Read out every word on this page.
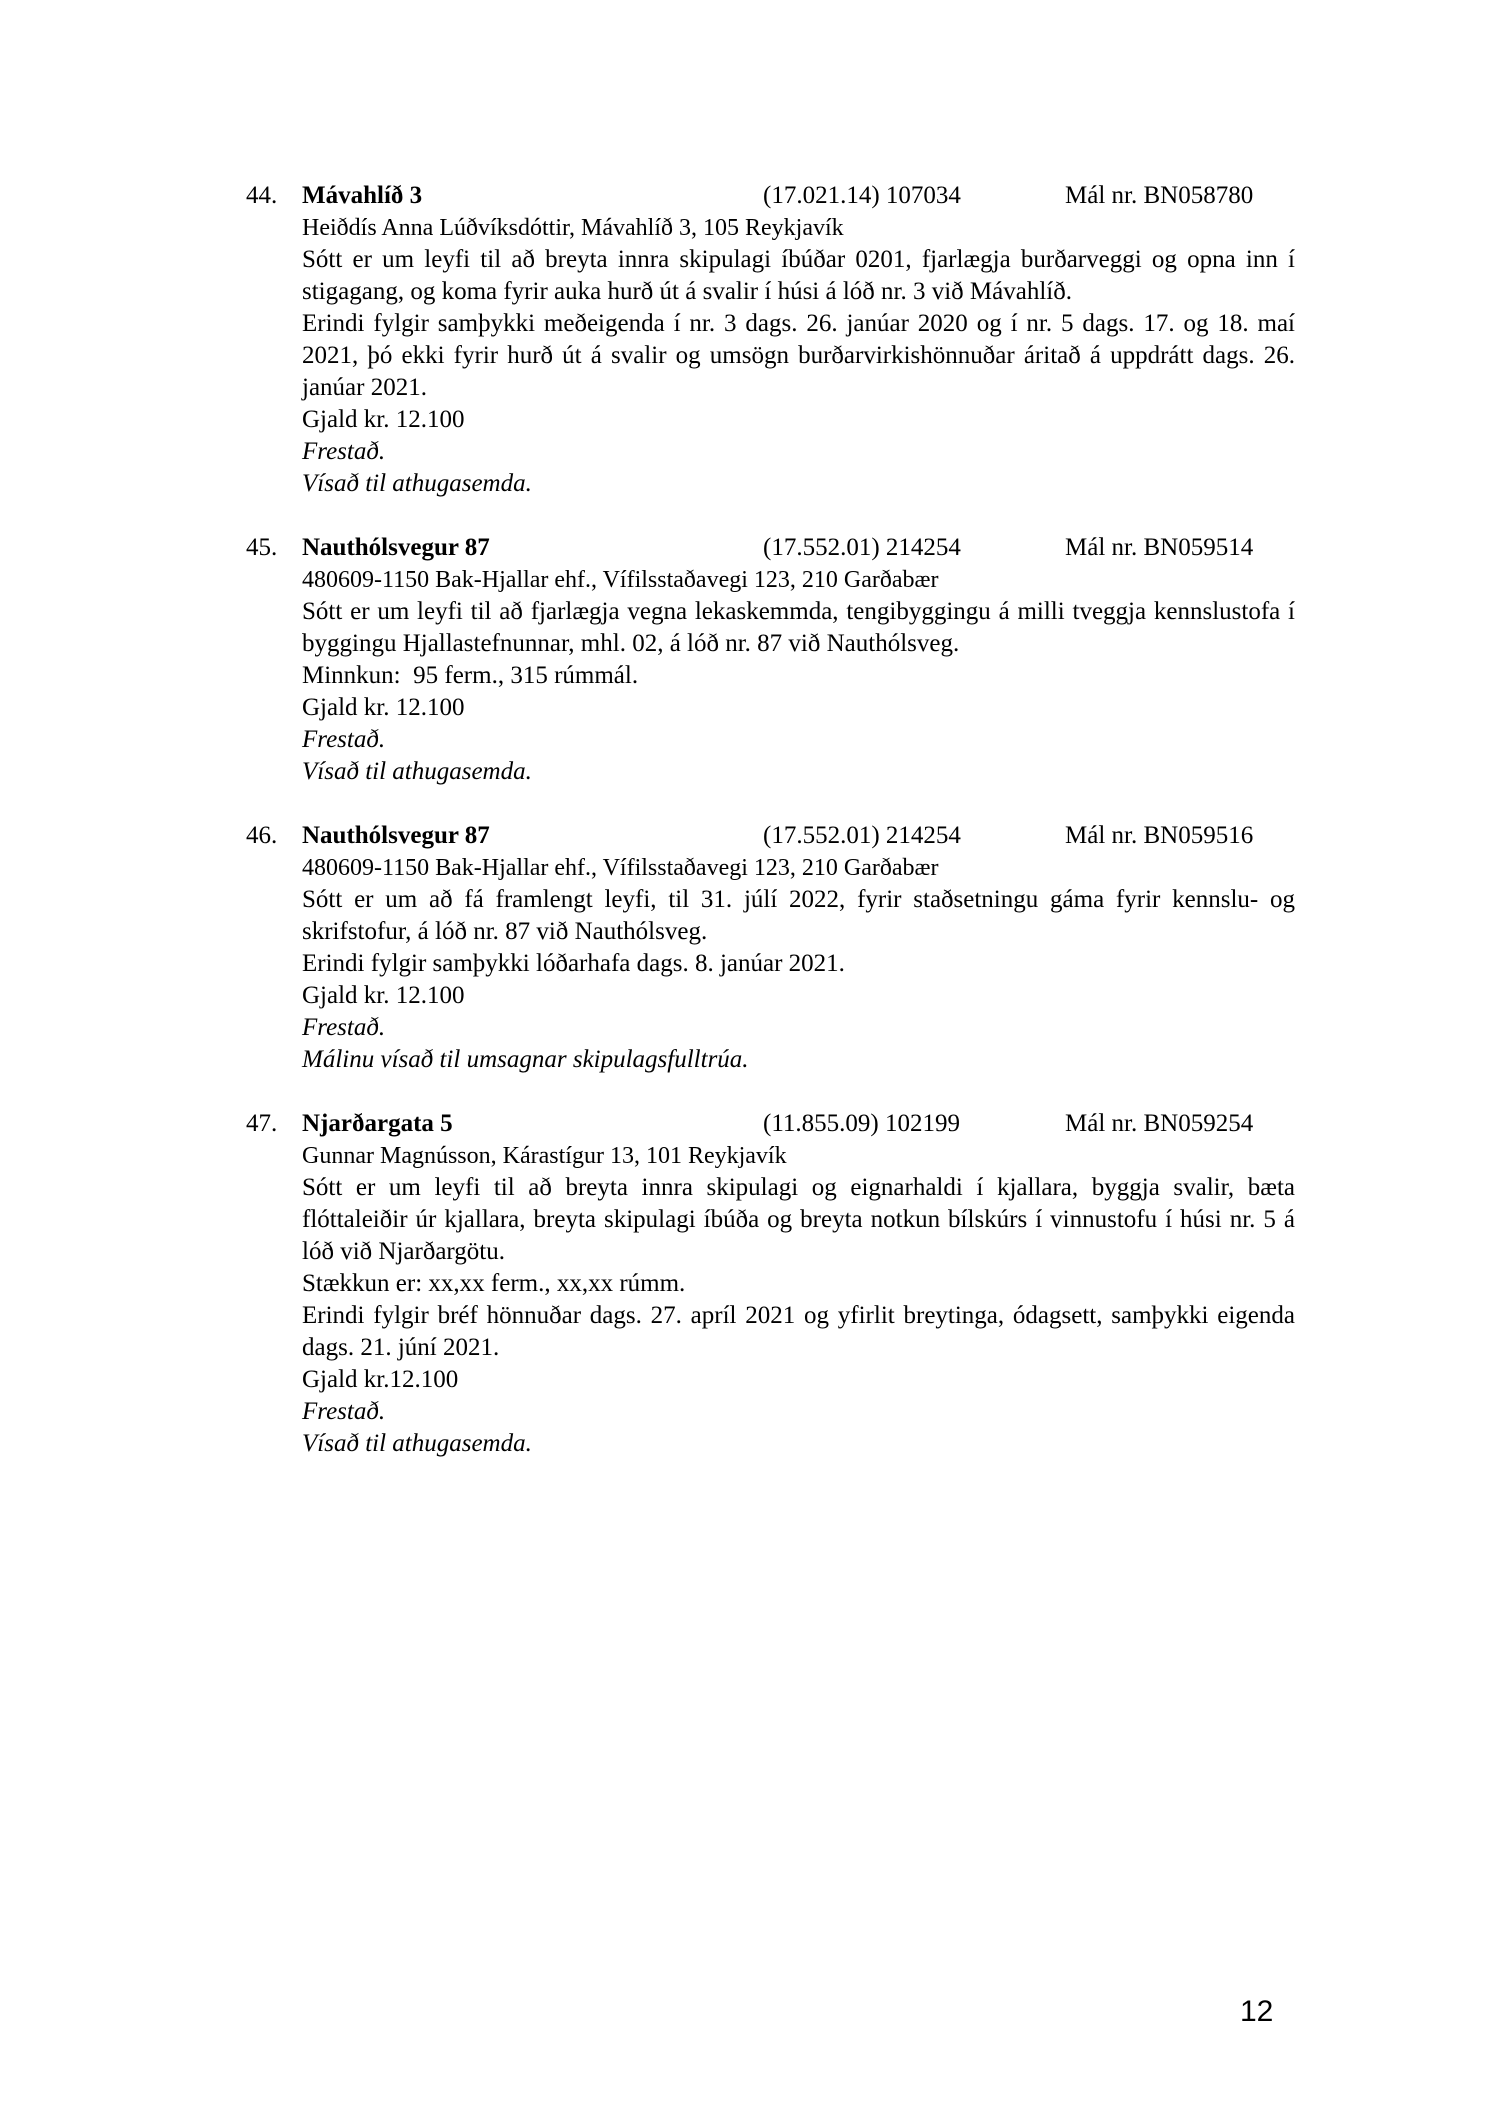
44. Mávahlíð 3	(17.021.14) 107034	Mál nr. BN058780
Heiðdís Anna Lúðvíksdóttir, Mávahlíð 3, 105 Reykjavík

Sótt er um leyfi til að breyta innra skipulagi íbúðar 0201, fjarlægja burðarveggi og opna inn í stigagang, og koma fyrir auka hurð út á svalir í húsi á lóð nr. 3 við Mávahlíð.

Erindi fylgir samþykki meðeigenda í nr. 3 dags. 26. janúar 2020 og í nr. 5 dags. 17. og 18. maí 2021, þó ekki fyrir hurð út á svalir og umsögn burðarvirkishönnuðar áritað á uppdrátt dags. 26. janúar 2021.

Gjald kr. 12.100

Frestað.

Vísað til athugasemda.

45. Nauthólsvegur 87	(17.552.01) 214254	Mál nr. BN059514
480609-1150 Bak-Hjallar ehf., Vífilsstaðavegi 123, 210 Garðabær

Sótt er um leyfi til að fjarlægja vegna lekaskemmda, tengibyggingu á milli tveggja kennslustofa í byggingu Hjallastefnunnar, mhl. 02, á lóð nr. 87 við Nauthólsveg.

Minnkun:  95 ferm., 315 rúmmál.

Gjald kr. 12.100

Frestað.

Vísað til athugasemda.

46. Nauthólsvegur 87	(17.552.01) 214254	Mál nr. BN059516
480609-1150 Bak-Hjallar ehf., Vífilsstaðavegi 123, 210 Garðabær

Sótt er um að fá framlengt leyfi, til 31. júlí 2022, fyrir staðsetningu gáma fyrir kennslu- og skrifstofur, á lóð nr. 87 við Nauthólsveg.

Erindi fylgir samþykki lóðarhafa dags. 8. janúar 2021.

Gjald kr. 12.100

Frestað.

Málinu vísað til umsagnar skipulagsfulltrúa.

47. Njarðargata 5	(11.855.09) 102199	Mál nr. BN059254
Gunnar Magnússon, Kárastígur 13, 101 Reykjavík

Sótt er um leyfi til að breyta innra skipulagi og eignarhaldi í kjallara, byggja svalir, bæta flóttaleiðir úr kjallara, breyta skipulagi íbúða og breyta notkun bílskúrs í vinnustofu í húsi nr. 5 á lóð við Njarðargötu.

Stækkun er: xx,xx ferm., xx,xx rúmm.

Erindi fylgir bréf hönnuðar dags. 27. apríl 2021 og yfirlit breytinga, ódagsett, samþykki eigenda dags. 21. júní 2021.

Gjald kr.12.100

Frestað.

Vísað til athugasemda.

12
